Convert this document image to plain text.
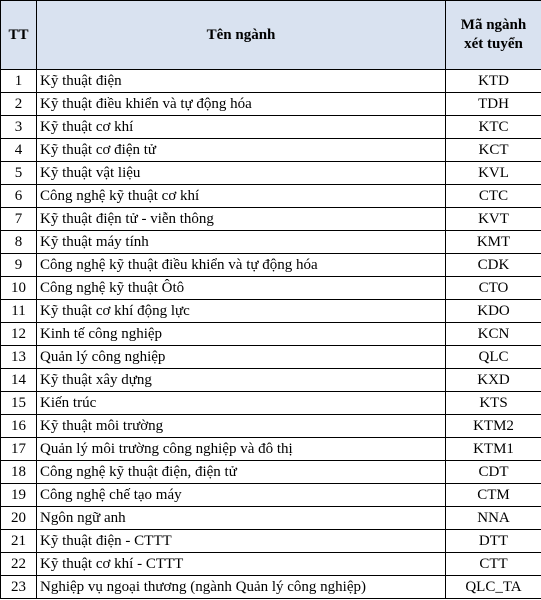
TT	Tên ngành	Mã ngành
xét tuyển

1	Kỹ thuật điện	KTD
2	Kỹ thuật điều khiển và tự động hóa	TDH
3	Kỹ thuật cơ khí	KTC
4	Kỹ thuật cơ điện tử	KCT
5	Kỹ thuật vật liệu	KVL
6	Công nghệ kỹ thuật cơ khí	CTC
7	Kỹ thuật điện tử - viễn thông	KVT
8	Kỹ thuật máy tính	KMT
9	Công nghệ kỹ thuật điều khiển và tự động hóa	CDK
10	Công nghệ kỹ thuật Ôtô	CTO
11	Kỹ thuật cơ khí động lực	KDO
12	Kinh tế công nghiệp	KCN
13	Quản lý công nghiệp	QLC
14	Kỹ thuật xây dựng	KXD
15	Kiến trúc	KTS
16	Kỹ thuật môi trường	KTM2
17	Quản lý môi trường công nghiệp và đô thị	KTM1
18	Công nghệ kỹ thuật điện, điện tử	CDT
19	Công nghệ chế tạo máy	CTM
20	Ngôn ngữ anh	NNA
21	Kỹ thuật điện - CTTT	DTT
22	Kỹ thuật cơ khí - CTTT	CTT
23	Nghiệp vụ ngoại thương (ngành Quản lý công nghiệp)	QLC_TA
